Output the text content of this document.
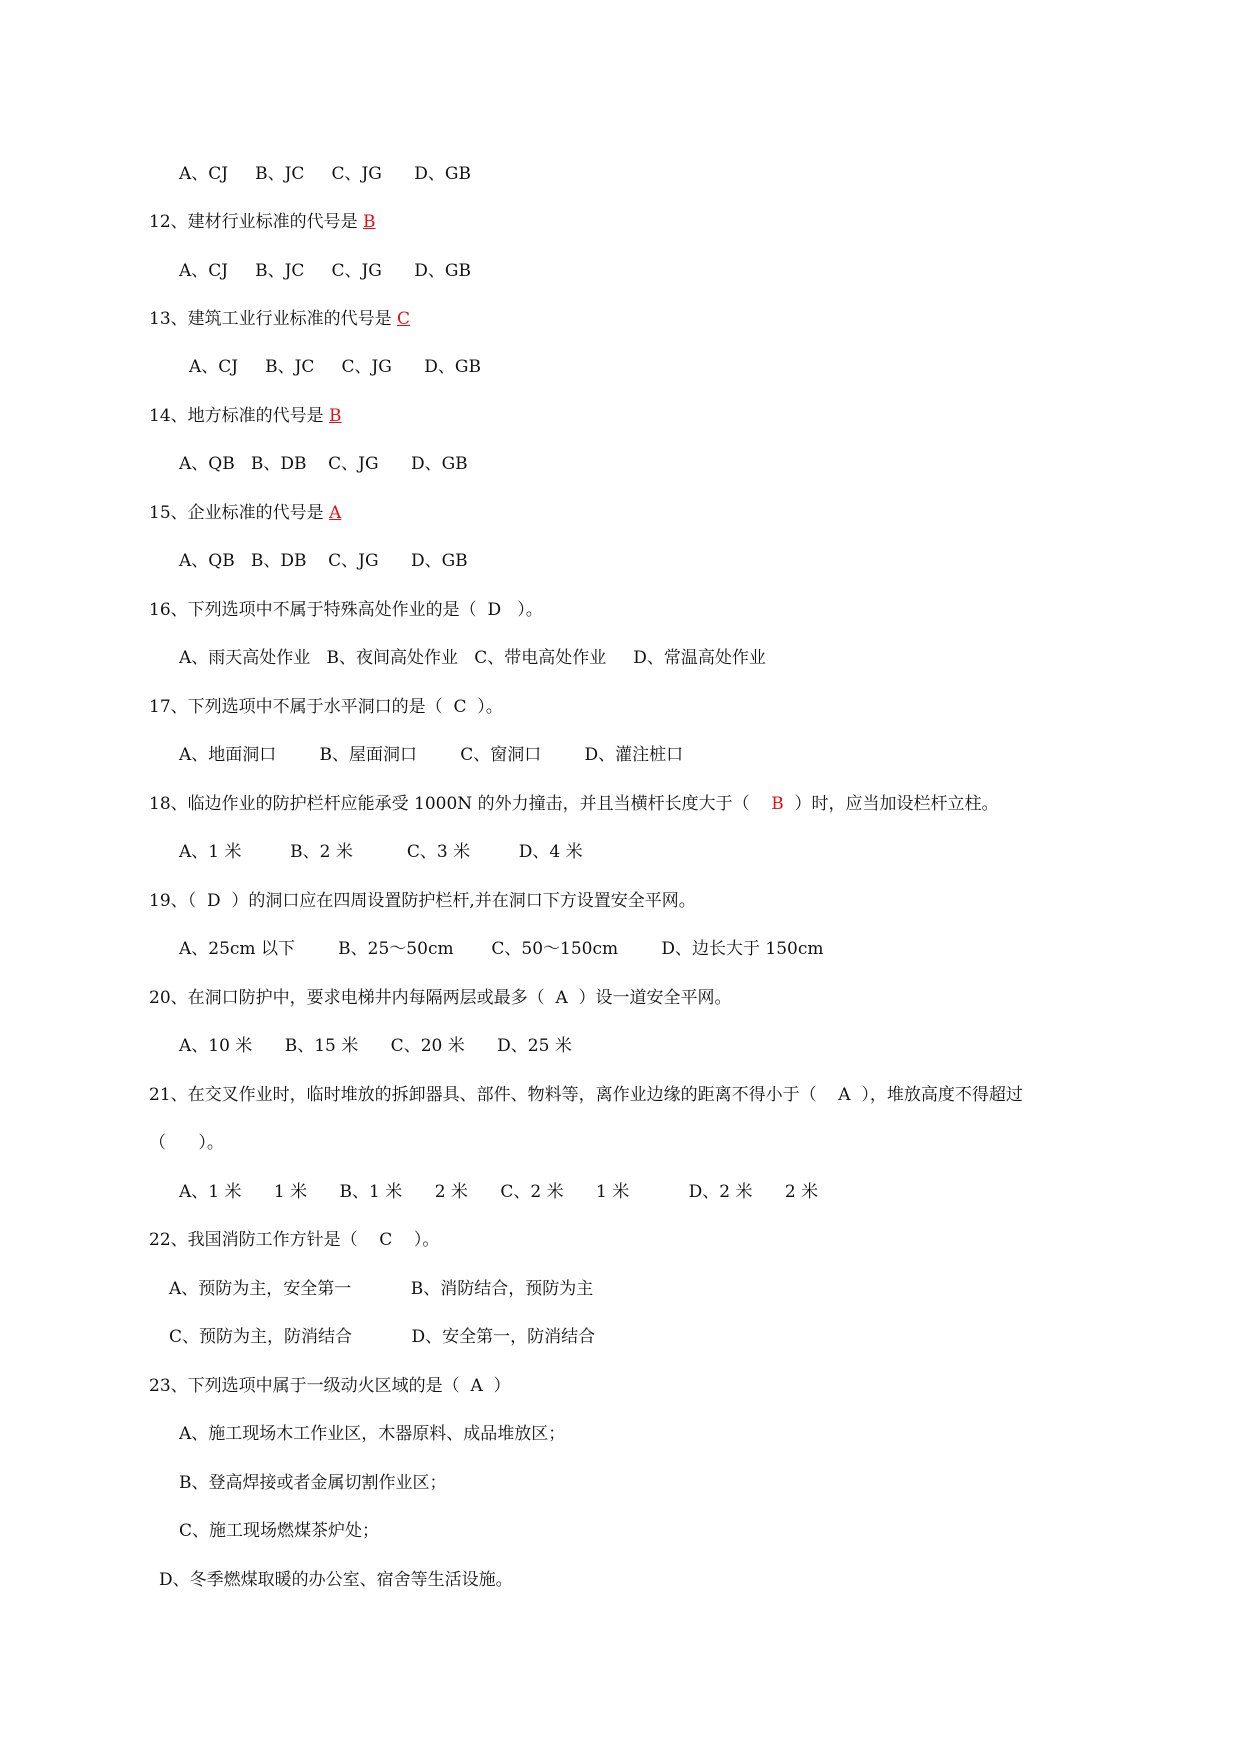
A、CJ     B、JC     C、JG      D、GB
12、建材行业标准的代号是 B
A、CJ     B、JC     C、JG      D、GB
13、建筑工业行业标准的代号是 C
A、CJ     B、JC     C、JG      D、GB
14、地方标准的代号是 B
A、QB   B、DB    C、JG      D、GB
15、企业标准的代号是 A
A、QB   B、DB    C、JG      D、GB
16、下列选项中不属于特殊高处作业的是（  D   ）。
A、雨天高处作业   B、夜间高处作业   C、带电高处作业     D、常温高处作业
17、下列选项中不属于水平洞口的是（  C  ）。
A、地面洞口        B、屋面洞口        C、窗洞口        D、灌注桩口
18、临边作业的防护栏杆应能承受 1000N 的外力撞击，并且当横杆长度大于（    B  ）时，应当加设栏杆立柱。
A、1 米         B、2 米          C、3 米         D、4 米
19、（  D  ）的洞口应在四周设置防护栏杆,并在洞口下方设置安全平网。
A、25cm 以下        B、25～50cm       C、50～150cm        D、边长大于 150cm
20、在洞口防护中，要求电梯井内每隔两层或最多（  A  ）设一道安全平网。
A、10 米      B、15 米      C、20 米      D、25 米
21、在交叉作业时，临时堆放的拆卸器具、部件、物料等，离作业边缘的距离不得小于（    A  ），堆放高度不得超过
（      ）。
A、1 米      1 米      B、1 米      2 米      C、2 米      1 米           D、2 米      2 米
22、我国消防工作方针是（    C    ）。
A、预防为主，安全第一           B、消防结合，预防为主
C、预防为主，防消结合           D、安全第一，防消结合
23、下列选项中属于一级动火区域的是（  A  ）
A、施工现场木工作业区，木器原料、成品堆放区；
B、登高焊接或者金属切割作业区；
C、施工现场燃煤茶炉处；
D、冬季燃煤取暖的办公室、宿舍等生活设施。
